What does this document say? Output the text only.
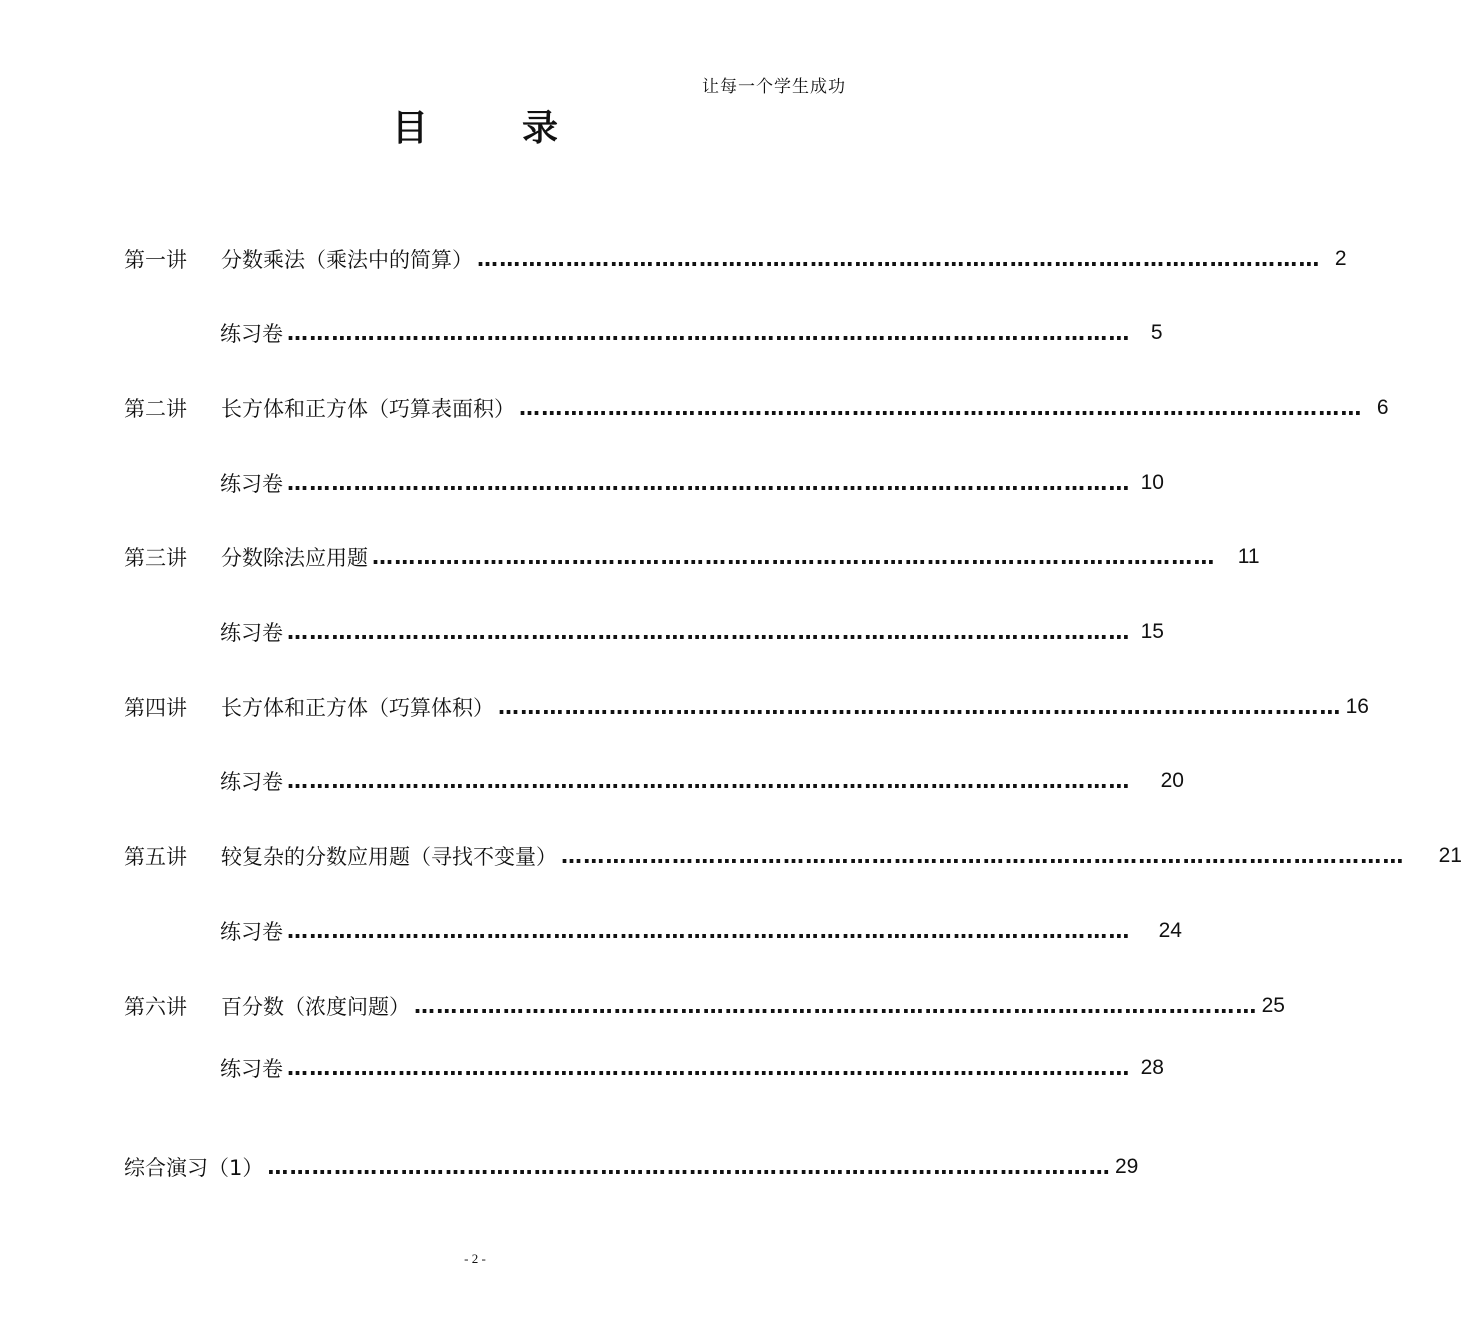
让每一个学生成功
目	录
第一讲	分数乘法（乘法中的简算） …………………………………………………………………………………………………… 2
练习卷 …………………………………………………………………………………………………… 5
第二讲	长方体和正方体（巧算表面积） …………………………………………………………………………………………………… 6
练习卷 …………………………………………………………………………………………………… 10
第三讲	分数除法应用题 …………………………………………………………………………………………………… 11
练习卷 …………………………………………………………………………………………………… 15
第四讲	长方体和正方体（巧算体积） …………………………………………………………………………………………………… 16
练习卷 …………………………………………………………………………………………………… 20
第五讲	较复杂的分数应用题（寻找不变量） …………………………………………………………………………………………………… 21
练习卷 …………………………………………………………………………………………………… 24
第六讲	百分数（浓度问题） …………………………………………………………………………………………………… 25
练习卷 …………………………………………………………………………………………………… 28
综合演习（1） …………………………………………………………………………………………………… 29
- 2 -
